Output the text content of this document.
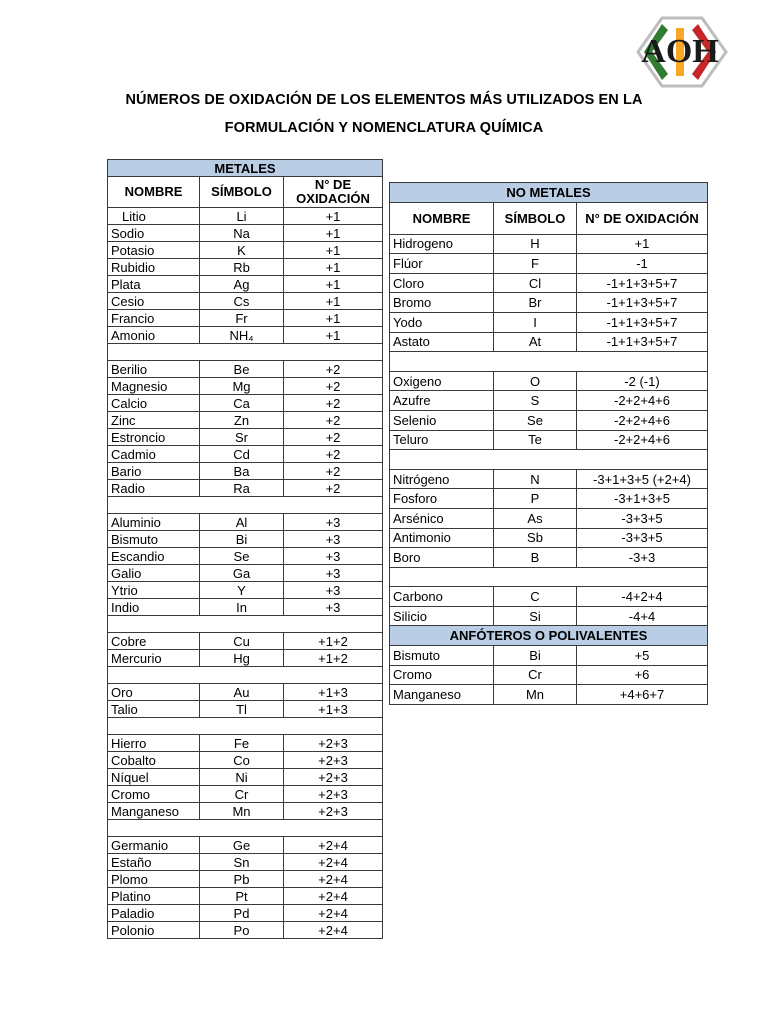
NÚMEROS DE OXIDACIÓN DE LOS ELEMENTOS MÁS UTILIZADOS EN LA
FORMULACIÓN Y NOMENCLATURA QUÍMICA
AOH
METALES		
NOMBRE	SÍMBOLO	N° DE OXIDACIÓN
Litio	Li	+1
Sodio	Na	+1
Potasio	K	+1
Rubidio	Rb	+1
Plata	Ag	+1
Cesio	Cs	+1
Francio	Fr	+1
Amonio	NH₄	+1

Berilio	Be	+2
Magnesio	Mg	+2
Calcio	Ca	+2
Zinc	Zn	+2
Estroncio	Sr	+2
Cadmio	Cd	+2
Bario	Ba	+2
Radio	Ra	+2

Aluminio	Al	+3
Bismuto	Bi	+3
Escandio	Se	+3
Galio	Ga	+3
Ytrio	Y	+3
Indio	In	+3

Cobre	Cu	+1+2
Mercurio	Hg	+1+2

Oro	Au	+1+3
Talio	Tl	+1+3

Hierro	Fe	+2+3
Cobalto	Co	+2+3
Níquel	Ni	+2+3
Cromo	Cr	+2+3
Manganeso	Mn	+2+3

Germanio	Ge	+2+4
Estaño	Sn	+2+4
Plomo	Pb	+2+4
Platino	Pt	+2+4
Paladio	Pd	+2+4
Polonio	Po	+2+4
NO METALES		
NOMBRE	SÍMBOLO	N° DE OXIDACIÓN
Hidrogeno	H	+1
Flúor	F	-1
Cloro	Cl	-1+1+3+5+7
Bromo	Br	-1+1+3+5+7
Yodo	I	-1+1+3+5+7
Astato	At	-1+1+3+5+7

Oxigeno	O	-2 (-1)
Azufre	S	-2+2+4+6
Selenio	Se	-2+2+4+6
Teluro	Te	-2+2+4+6

Nitrógeno	N	-3+1+3+5 (+2+4)
Fosforo	P	-3+1+3+5
Arsénico	As	-3+3+5
Antimonio	Sb	-3+3+5
Boro	B	-3+3

Carbono	C	-4+2+4
Silicio	Si	-4+4
ANFÓTEROS O POLIVALENTES		
Bismuto	Bi	+5
Cromo	Cr	+6
Manganeso	Mn	+4+6+7
